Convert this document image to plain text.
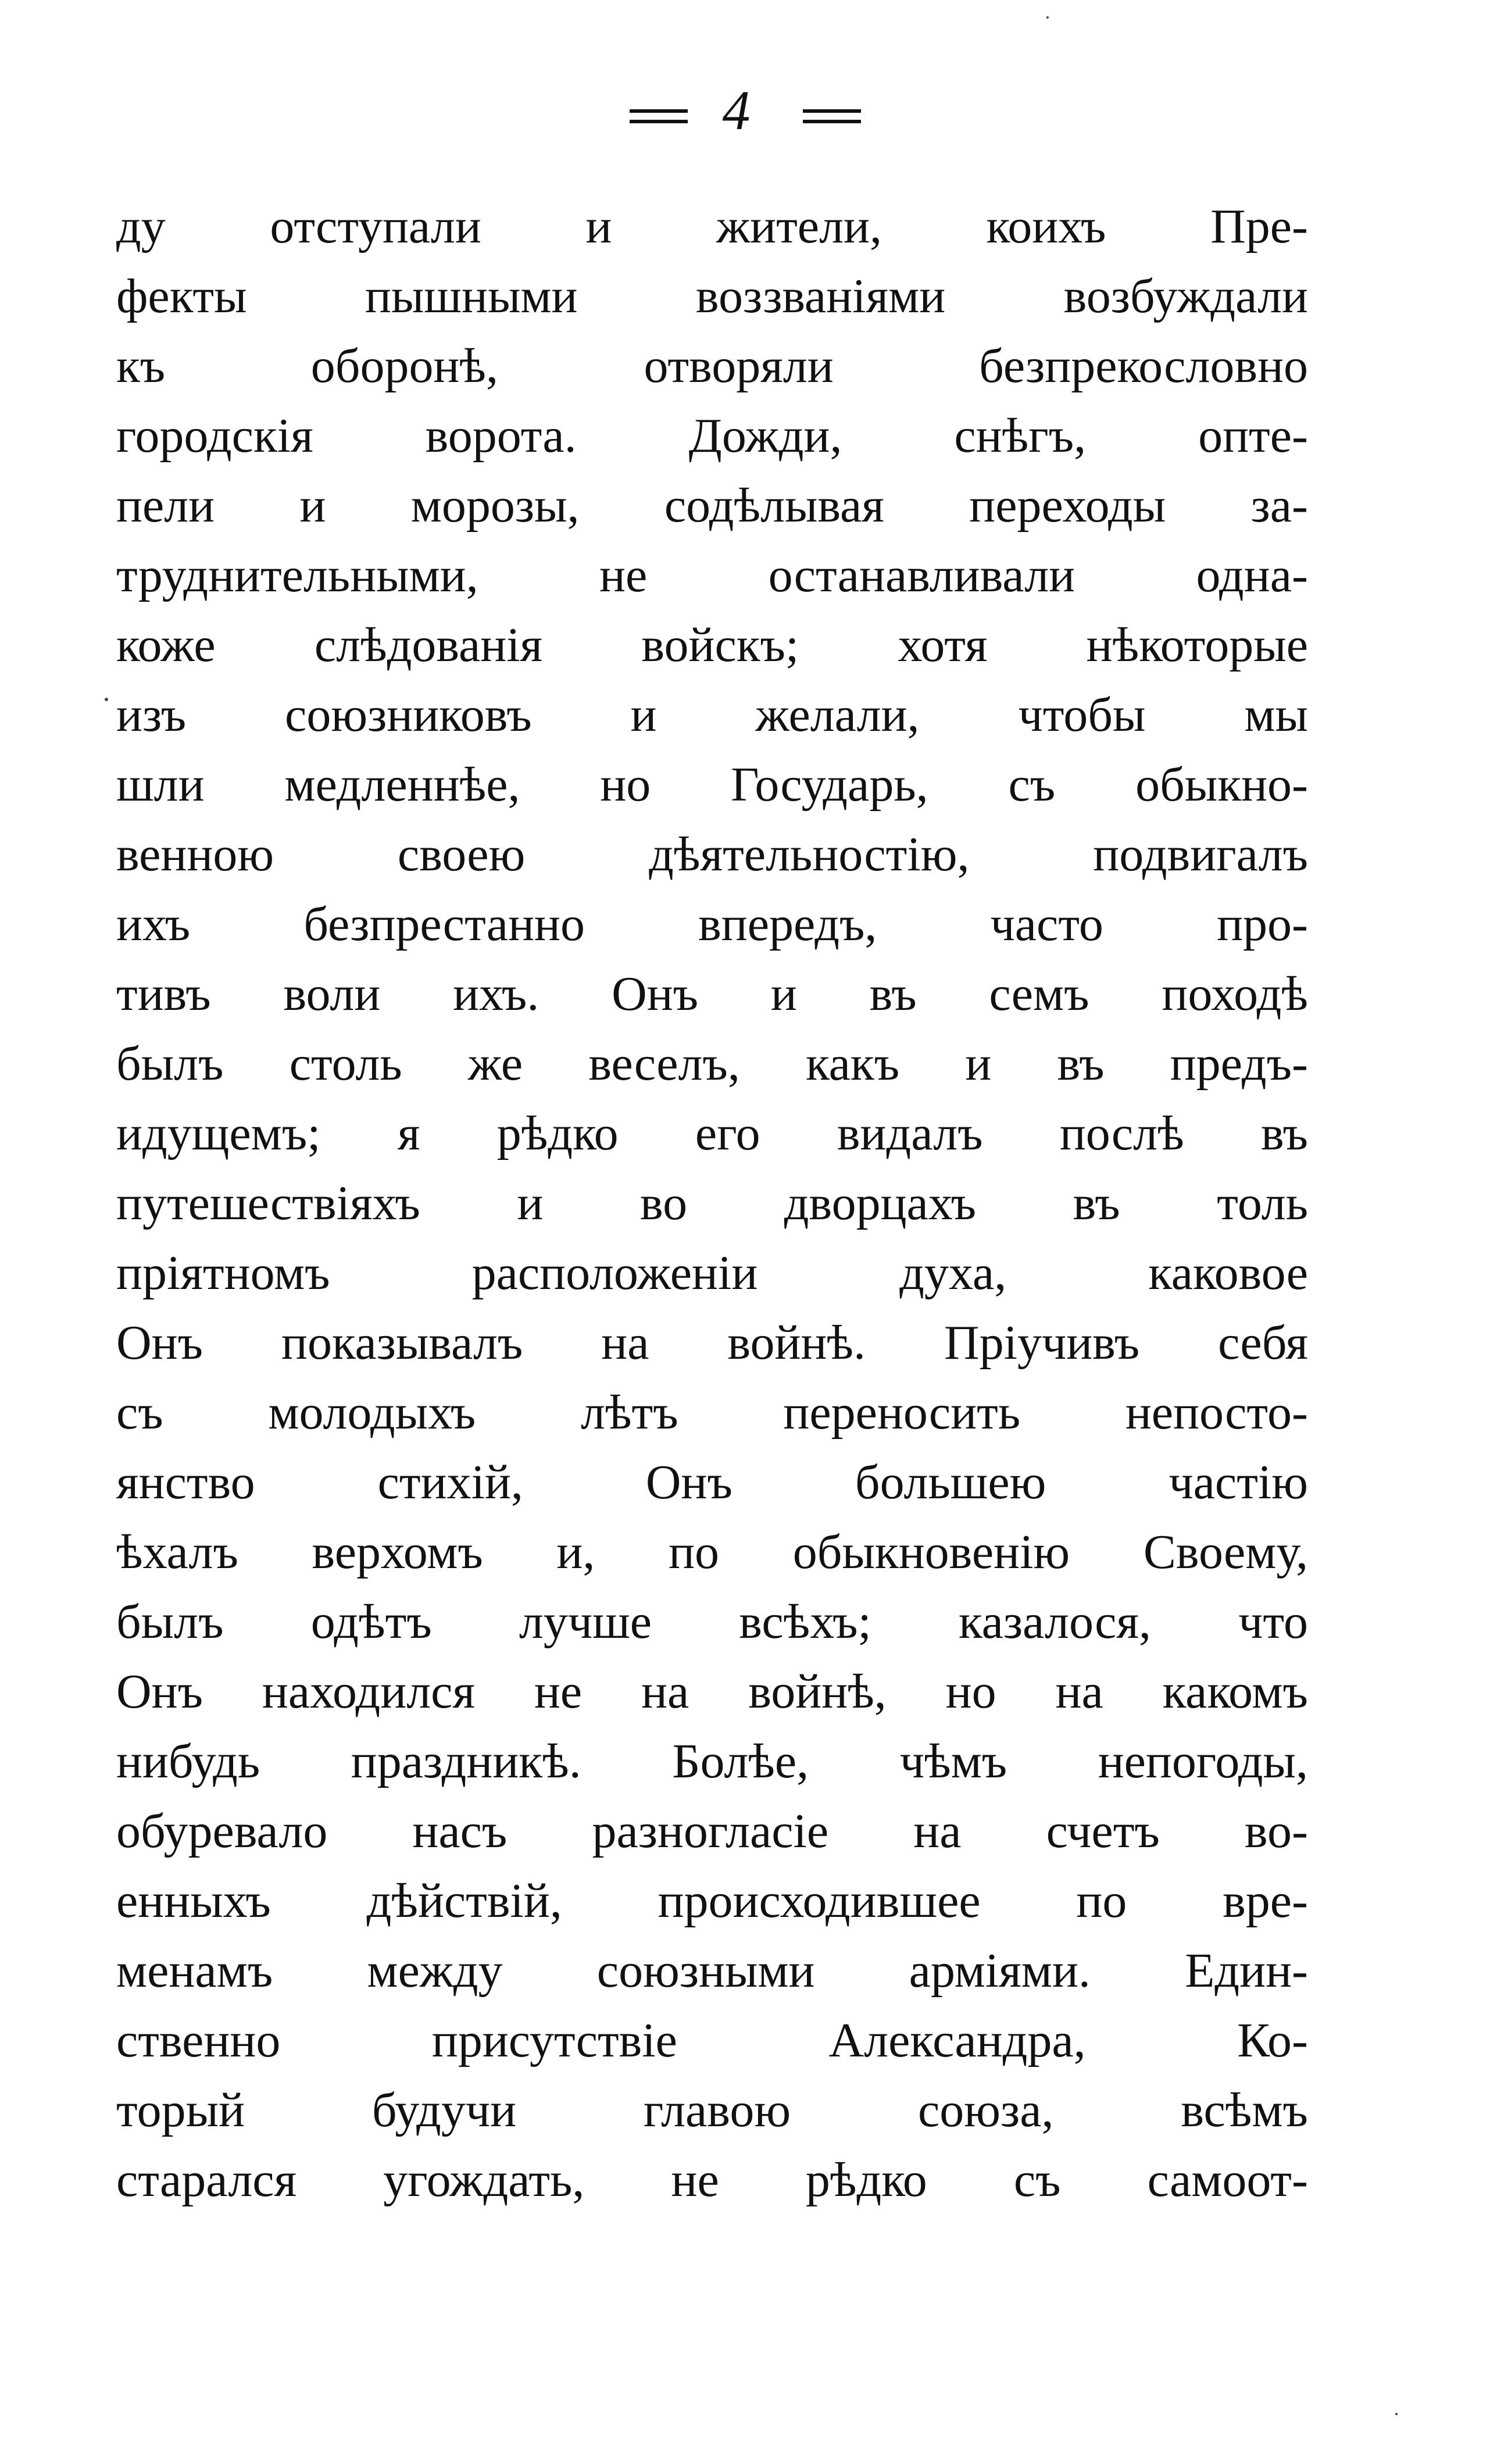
4
ду отступали и жители, коихъ Пре-
фекты пышными воззваніями возбуждали
къ оборонѣ, отворяли безпрекословно
городскія ворота. Дожди, снѣгъ, опте-
пели и морозы, содѣлывая переходы за-
труднительными, не останавливали одна-
коже слѣдованія войскъ; хотя нѣкоторые
изъ союзниковъ и желали, чтобы мы
шли медленнѣе, но Государь, съ обыкно-
венною своею дѣятельностію, подвигалъ
ихъ безпрестанно впередъ, часто про-
тивъ воли ихъ. Онъ и въ семъ походѣ
былъ столь же веселъ, какъ и въ предъ-
идущемъ; я рѣдко его видалъ послѣ въ
путешествіяхъ и во дворцахъ въ толь
пріятномъ расположеніи духа, каковое
Онъ показывалъ на войнѣ. Пріучивъ себя
съ молодыхъ лѣтъ переносить непосто-
янство стихій, Онъ большею частію
ѣхалъ верхомъ и, по обыкновенію Своему,
былъ одѣтъ лучше всѣхъ; казалося, что
Онъ находился не на войнѣ, но на какомъ
нибудь праздникѣ. Болѣе, чѣмъ непогоды,
обуревало насъ разногласіе на счетъ во-
енныхъ дѣйствій, происходившее по вре-
менамъ между союзными арміями. Един-
ственно присутствіе Александра, Ко-
торый будучи главою союза, всѣмъ
старался угождать, не рѣдко съ самоот-
